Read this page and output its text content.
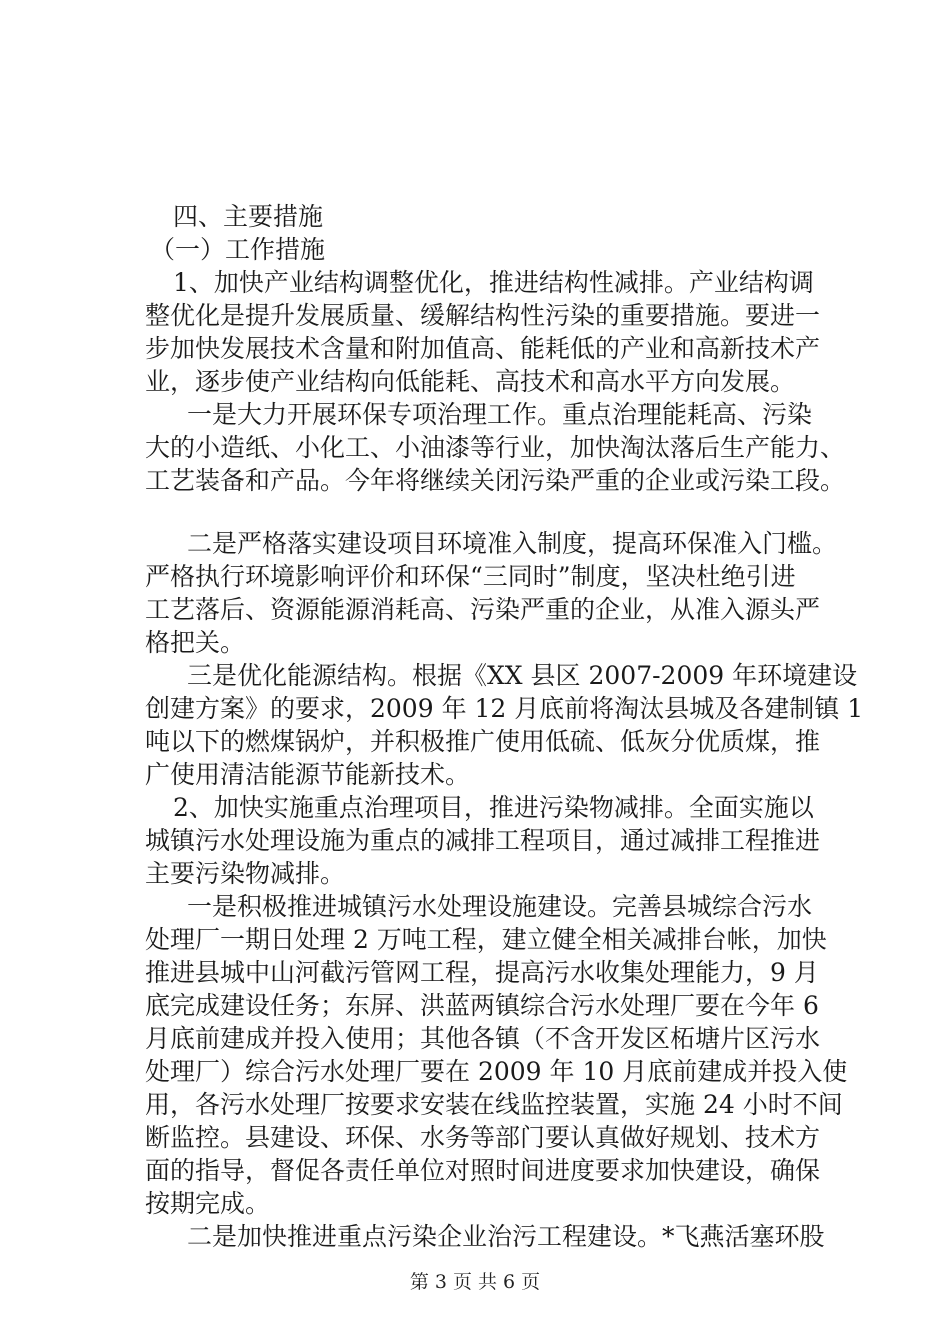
四、主要措施
（一）工作措施
1、加快产业结构调整优化，推进结构性减排。产业结构调
整优化是提升发展质量、缓解结构性污染的重要措施。要进一
步加快发展技术含量和附加值高、能耗低的产业和高新技术产
业，逐步使产业结构向低能耗、高技术和高水平方向发展。
一是大力开展环保专项治理工作。重点治理能耗高、污染
大的小造纸、小化工、小油漆等行业，加快淘汰落后生产能力、
工艺装备和产品。今年将继续关闭污染严重的企业或污染工段。
二是严格落实建设项目环境准入制度，提高环保准入门槛。
严格执行环境影响评价和环保“三同时”制度，坚决杜绝引进
工艺落后、资源能源消耗高、污染严重的企业，从准入源头严
格把关。
三是优化能源结构。根据《XX 县区 2007-2009 年环境建设
创建方案》的要求，2009 年 12 月底前将淘汰县城及各建制镇 1
吨以下的燃煤锅炉，并积极推广使用低硫、低灰分优质煤，推
广使用清洁能源节能新技术。
2、加快实施重点治理项目，推进污染物减排。全面实施以
城镇污水处理设施为重点的减排工程项目，通过减排工程推进
主要污染物减排。
一是积极推进城镇污水处理设施建设。完善县城综合污水
处理厂一期日处理 2 万吨工程，建立健全相关减排台帐，加快
推进县城中山河截污管网工程，提高污水收集处理能力，9 月
底完成建设任务；东屏、洪蓝两镇综合污水处理厂要在今年 6
月底前建成并投入使用；其他各镇（不含开发区柘塘片区污水
处理厂）综合污水处理厂要在 2009 年 10 月底前建成并投入使
用，各污水处理厂按要求安装在线监控装置，实施 24 小时不间
断监控。县建设、环保、水务等部门要认真做好规划、技术方
面的指导，督促各责任单位对照时间进度要求加快建设，确保
按期完成。
二是加快推进重点污染企业治污工程建设。*飞燕活塞环股
第 3 页 共 6 页
